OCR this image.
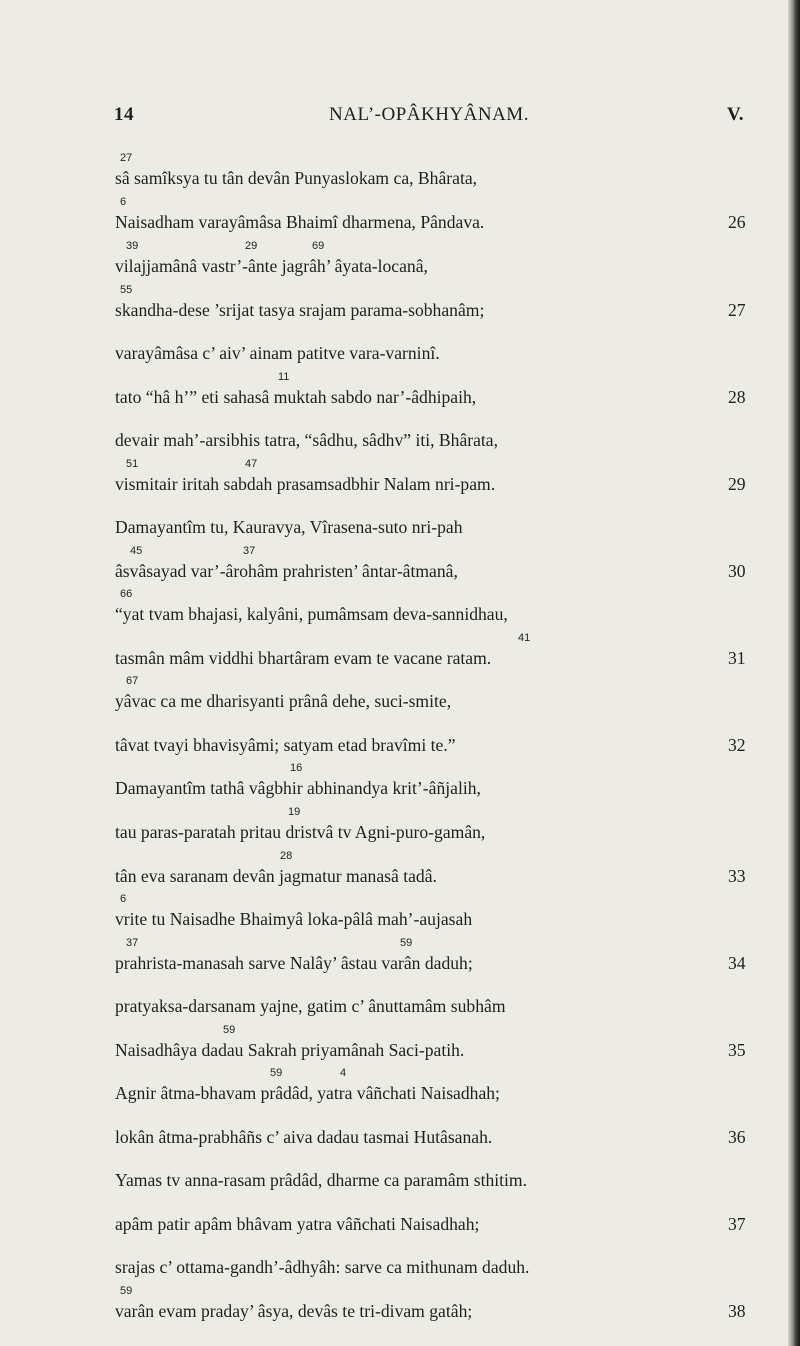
14	NAL’-OPÂKHYÂNAM.	V.
sâ samîksya tu tân devân Punyaslokam ca, Bhârata,
27
Naisadham varayâmâsa Bhaimî dharmena, Pândava.
6
26
vilajjamânâ vastr’-ânte jagrâh’ âyata-locanâ,
39	29	69
skandha-dese ’srijat tasya srajam parama-sobhanâm;
55
27
varayâmâsa c’ aiv’ ainam patitve vara-varninî.
tato “hâ h’” eti sahasâ muktah sabdo nar’-âdhipaih,
11
28
devair mah’-arsibhis tatra, “sâdhu, sâdhv” iti, Bhârata,
vismitair iritah sabdah prasamsadbhir Nalam nri-pam.
51	47
29
Damayantîm tu, Kauravya, Vîrasena-suto nri-pah
âsvâsayad var’-ârohâm prahristen’ ântar-âtmanâ,
45	37
30
“yat tvam bhajasi, kalyâni, pumâmsam deva-sannidhau,
66
tasmân mâm viddhi bhartâram evam te vacane ratam.
41
31
yâvac ca me dharisyanti prânâ dehe, suci-smite,
67
tâvat tvayi bhavisyâmi; satyam etad bravîmi te.”	32
Damayantîm tathâ vâgbhir abhinandya krit’-âñjalih,
16
tau paras-paratah pritau dristvâ tv Agni-puro-gamân,
19
tân eva saranam devân jagmatur manasâ tadâ.
28
33
vrite tu Naisadhe Bhaimyâ loka-pâlâ mah’-aujasah
6
prahrista-manasah sarve Nalây’ âstau varân daduh;
37	59
34
pratyaksa-darsanam yajne, gatim c’ ânuttamâm subhâm
Naisadhâya dadau Sakrah priyamânah Saci-patih.
59
35
Agnir âtma-bhavam prâdâd, yatra vâñchati Naisadhah;
59	4
lokân âtma-prabhâñs c’ aiva dadau tasmai Hutâsanah.	36
Yamas tv anna-rasam prâdâd, dharme ca paramâm sthitim.
apâm patir apâm bhâvam yatra vâñchati Naisadhah;	37
srajas c’ ottama-gandh’-âdhyâh: sarve ca mithunam daduh.
varân evam praday’ âsya, devâs te tri-divam gatâh;
59
38
